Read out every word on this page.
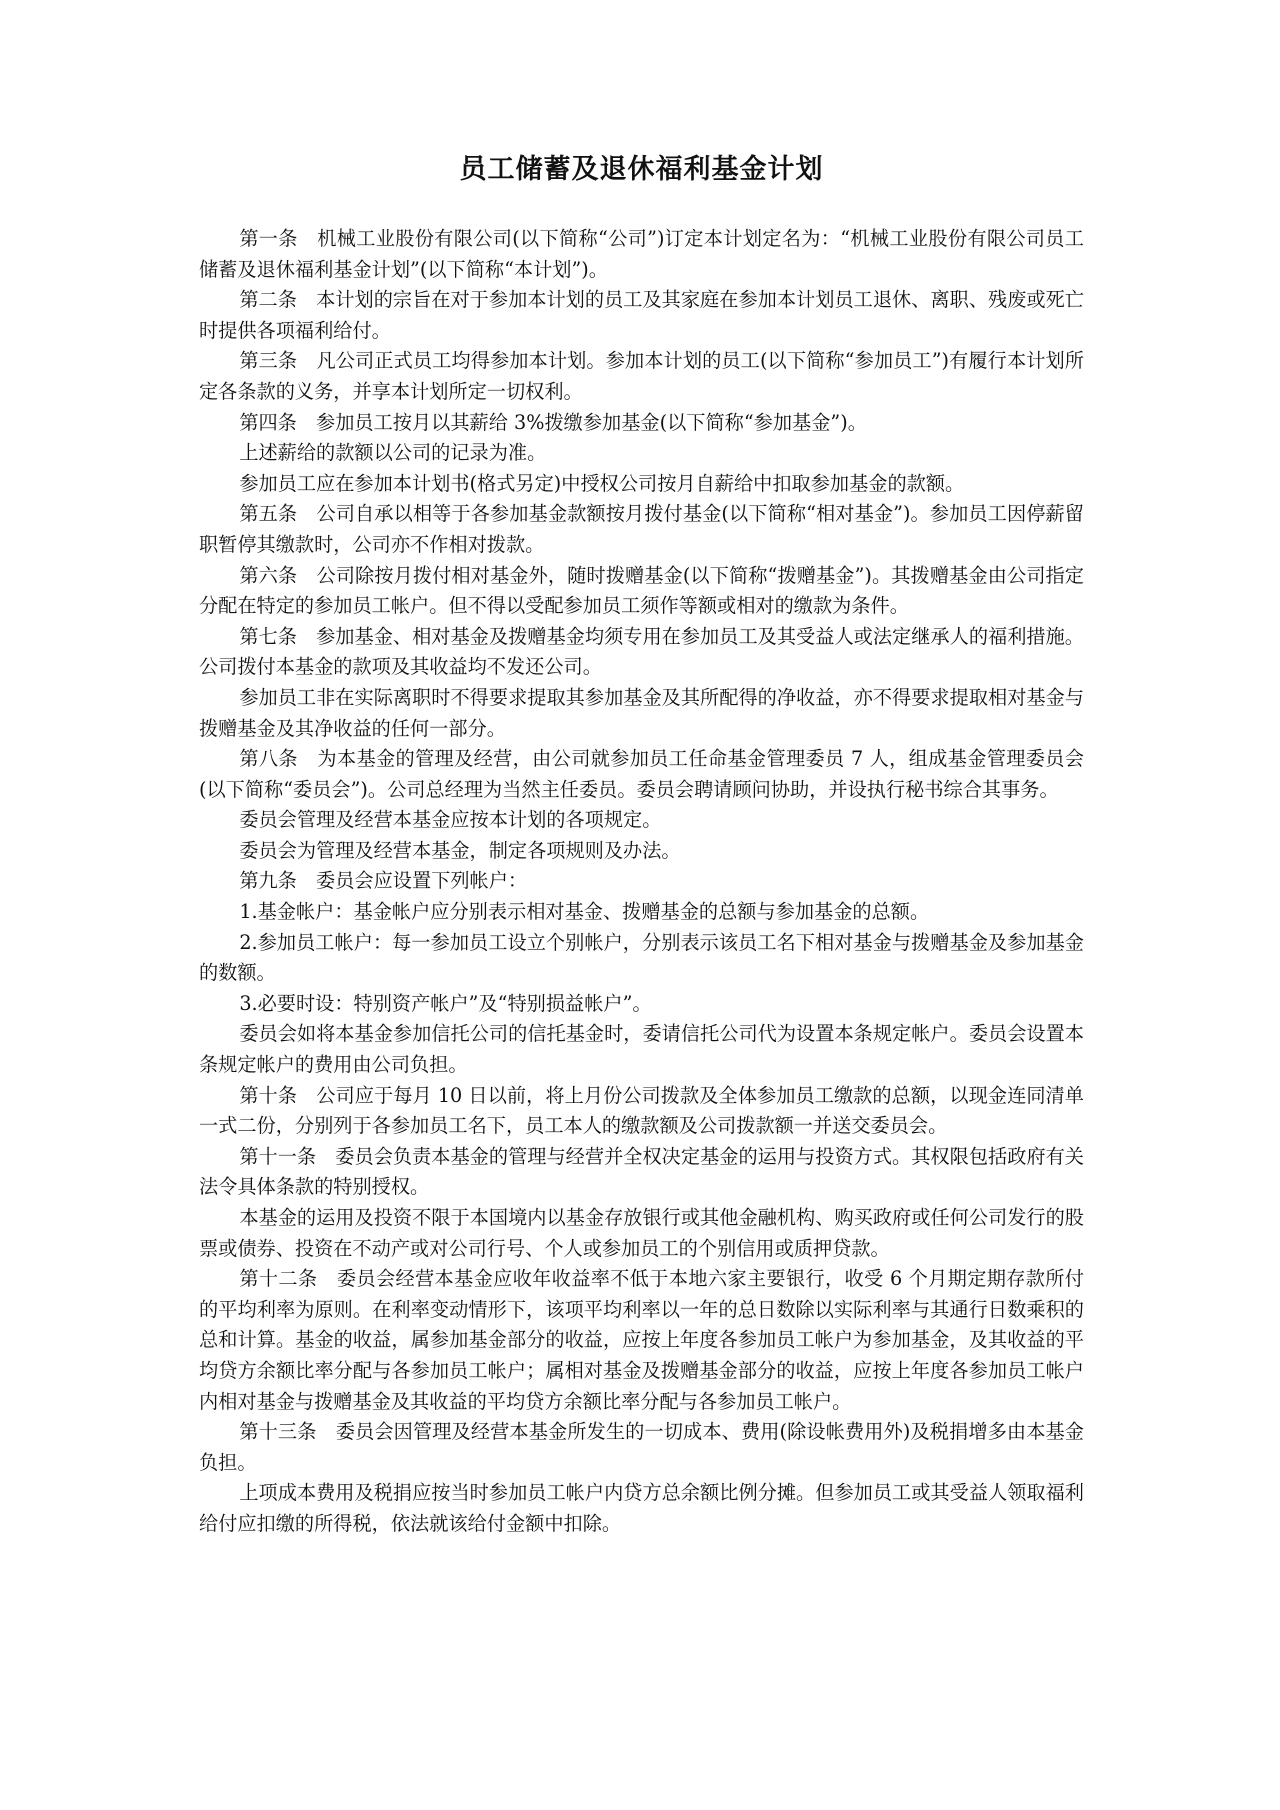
员工储蓄及退休福利基金计划

第一条　机械工业股份有限公司(以下简称“公司”)订定本计划定名为：“机械工业股份有限公司员工储蓄及退休福利基金计划”(以下简称“本计划”)。

第二条　本计划的宗旨在对于参加本计划的员工及其家庭在参加本计划员工退休、离职、残废或死亡时提供各项福利给付。

第三条　凡公司正式员工均得参加本计划。参加本计划的员工(以下简称“参加员工”)有履行本计划所定各条款的义务，并享本计划所定一切权利。

第四条　参加员工按月以其薪给 3%拨缴参加基金(以下简称“参加基金”)。

上述薪给的款额以公司的记录为准。

参加员工应在参加本计划书(格式另定)中授权公司按月自薪给中扣取参加基金的款额。

第五条　公司自承以相等于各参加基金款额按月拨付基金(以下简称“相对基金”)。参加员工因停薪留职暂停其缴款时，公司亦不作相对拨款。

第六条　公司除按月拨付相对基金外，随时拨赠基金(以下简称“拨赠基金”)。其拨赠基金由公司指定分配在特定的参加员工帐户。但不得以受配参加员工须作等额或相对的缴款为条件。

第七条　参加基金、相对基金及拨赠基金均须专用在参加员工及其受益人或法定继承人的福利措施。公司拨付本基金的款项及其收益均不发还公司。

参加员工非在实际离职时不得要求提取其参加基金及其所配得的净收益，亦不得要求提取相对基金与拨赠基金及其净收益的任何一部分。

第八条　为本基金的管理及经营，由公司就参加员工任命基金管理委员 7 人，组成基金管理委员会(以下简称“委员会”)。公司总经理为当然主任委员。委员会聘请顾问协助，并设执行秘书综合其事务。

委员会管理及经营本基金应按本计划的各项规定。

委员会为管理及经营本基金，制定各项规则及办法。

第九条　委员会应设置下列帐户：

1.基金帐户：基金帐户应分别表示相对基金、拨赠基金的总额与参加基金的总额。

2.参加员工帐户：每一参加员工设立个别帐户，分别表示该员工名下相对基金与拨赠基金及参加基金的数额。

3.必要时设：特别资产帐户”及“特别损益帐户”。

委员会如将本基金参加信托公司的信托基金时，委请信托公司代为设置本条规定帐户。委员会设置本条规定帐户的费用由公司负担。

第十条　公司应于每月 10 日以前，将上月份公司拨款及全体参加员工缴款的总额，以现金连同清单一式二份，分别列于各参加员工名下，员工本人的缴款额及公司拨款额一并送交委员会。

第十一条　委员会负责本基金的管理与经营并全权决定基金的运用与投资方式。其权限包括政府有关法令具体条款的特别授权。

本基金的运用及投资不限于本国境内以基金存放银行或其他金融机构、购买政府或任何公司发行的股票或债券、投资在不动产或对公司行号、个人或参加员工的个别信用或质押贷款。

第十二条　委员会经营本基金应收年收益率不低于本地六家主要银行，收受 6 个月期定期存款所付的平均利率为原则。在利率变动情形下，该项平均利率以一年的总日数除以实际利率与其通行日数乘积的总和计算。基金的收益，属参加基金部分的收益，应按上年度各参加员工帐户为参加基金，及其收益的平均贷方余额比率分配与各参加员工帐户；属相对基金及拨赠基金部分的收益，应按上年度各参加员工帐户内相对基金与拨赠基金及其收益的平均贷方余额比率分配与各参加员工帐户。

第十三条　委员会因管理及经营本基金所发生的一切成本、费用(除设帐费用外)及税捐增多由本基金负担。

上项成本费用及税捐应按当时参加员工帐户内贷方总余额比例分摊。但参加员工或其受益人领取福利给付应扣缴的所得税，依法就该给付金额中扣除。
